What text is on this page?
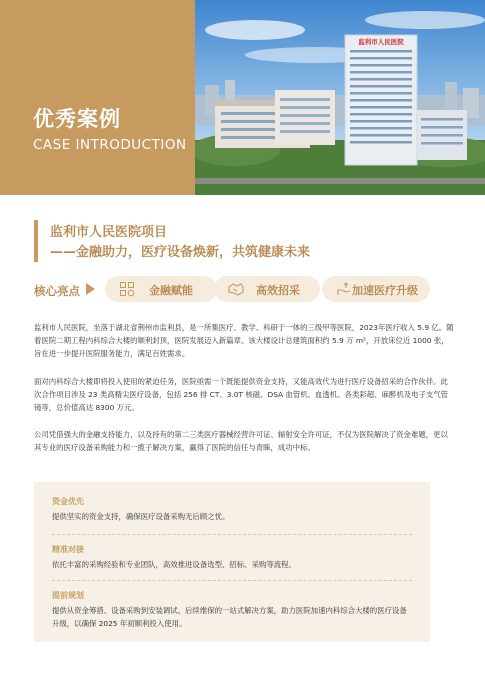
优秀案例
CASE INTRODUCTION
监利市人民医院
监利市人民医院项目
——金融助力，医疗设备焕新，共筑健康未来
核心亮点	金融赋能	高效招采	加速医疗升级

监利市人民医院，坐落于湖北省荆州市监利县，是一所集医疗、教学、科研于一体的三级甲等医院，2023年医疗收入 5.9 亿。随着医院二期工程内科综合大楼的顺利封顶，医院发展迈入新篇章。该大楼设计总建筑面积约 5.9 万 m²，开放床位近 1000 张，旨在进一步提升医院服务能力，满足百姓需求。

面对内科综合大楼即将投入使用的紧迫任务，医院亟需一个既能提供资金支持，又能高效代为进行医疗设备招采的合作伙伴。此次合作项目涉及 23 类高精尖医疗设备，包括 256 排 CT、3.0T 核磁、DSA 血管机、血透机、各类彩超、麻醉机及电子支气管镜等，总价值高达 8300 万元。

公司凭借强大的金融支持能力，以及持有的第二三类医疗器械经营许可证、辐射安全许可证，不仅为医院解决了资金难题，更以其专业的医疗设备采购能力和一揽子解决方案，赢得了医院的信任与青睐，成功中标。

资金优先
提供坚实的资金支持，确保医疗设备采购无后顾之忧。
精准对接
依托丰富的采购经验和专业团队，高效推进设备选型、招标、采购等流程。
提前规划
提供从资金筹措、设备采购到安装调试、后续维保的一站式解决方案，助力医院加速内科综合大楼的医疗设备升级，以确保 2025 年初顺利投入使用。
